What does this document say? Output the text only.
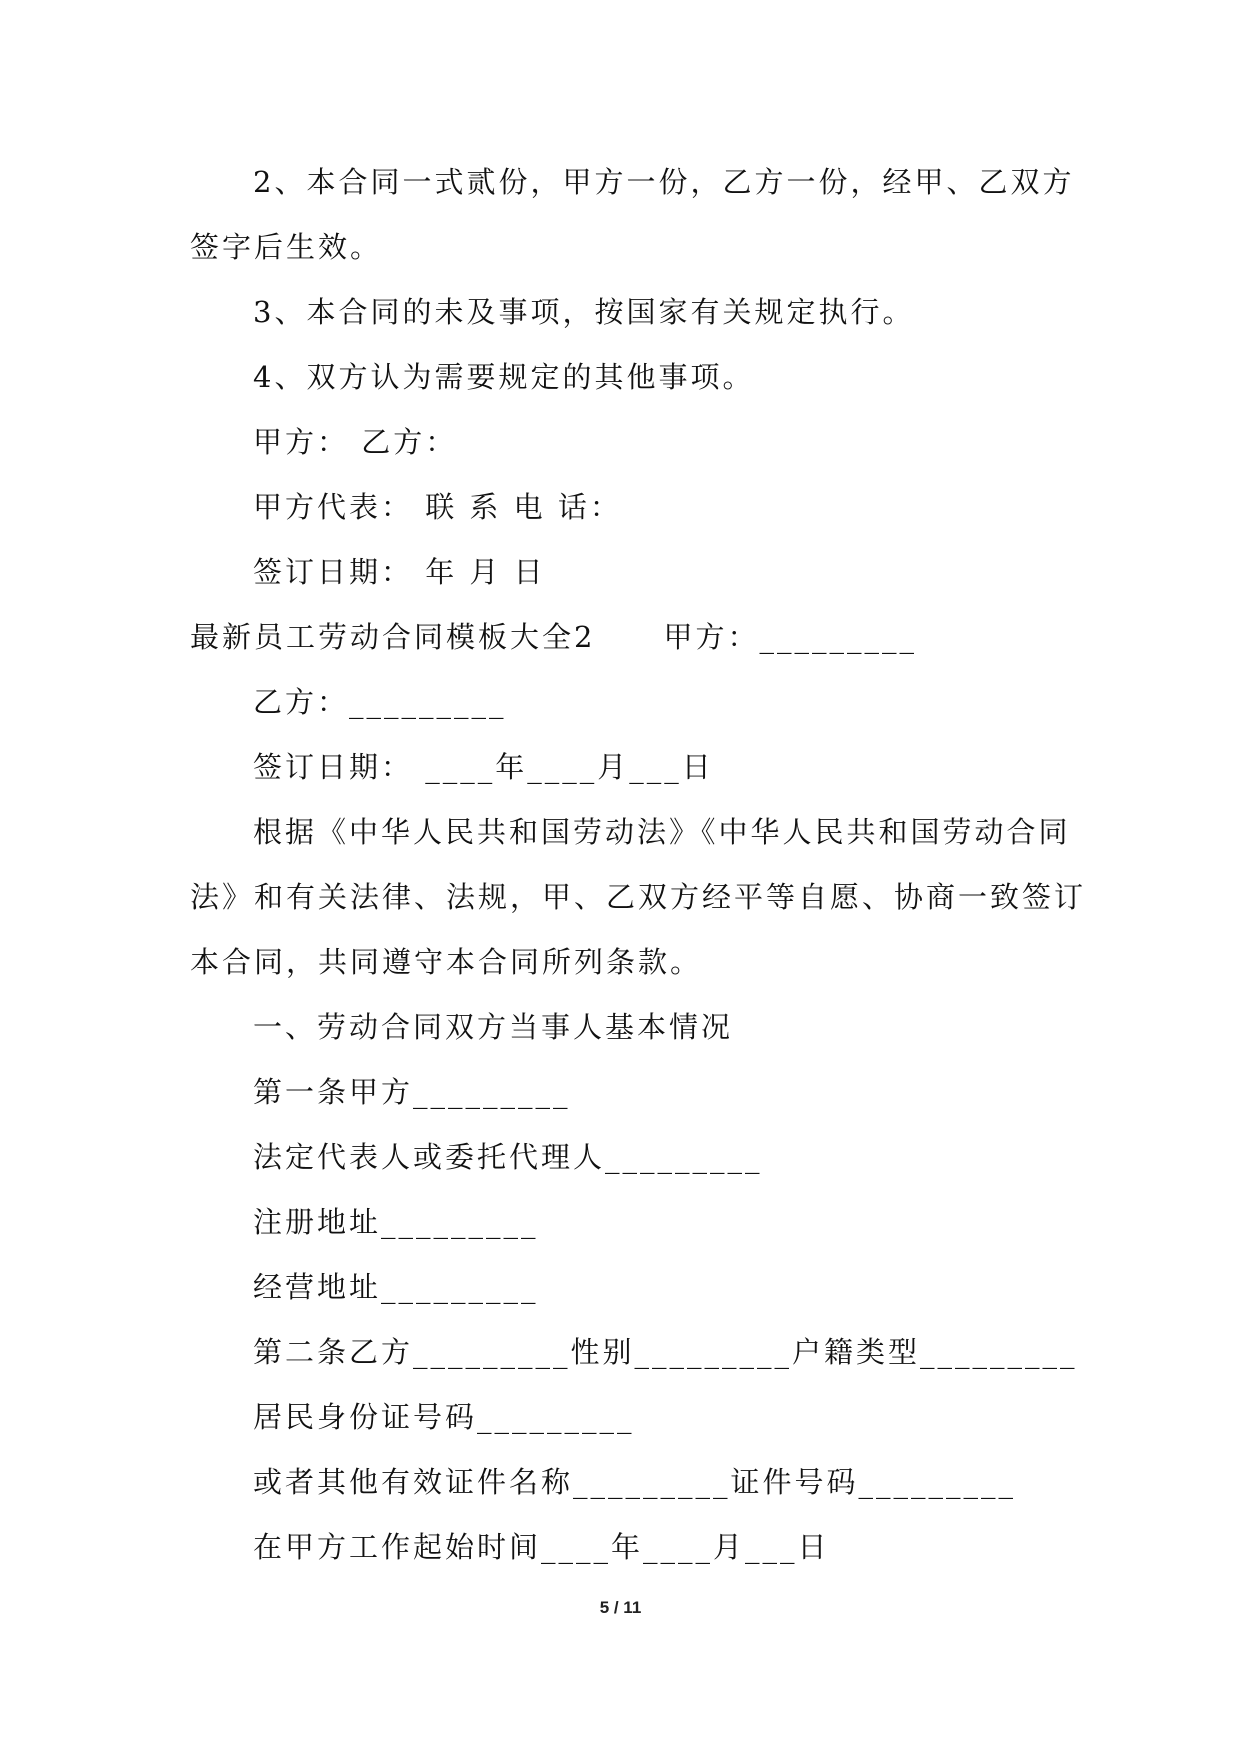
2、本合同一式贰份，甲方一份，乙方一份，经甲、乙双方
签字后生效。
3、本合同的未及事项，按国家有关规定执行。
4、双方认为需要规定的其他事项。
甲方： 乙方：
甲方代表： 联 系 电 话：
签订日期： 年 月 日
最新员工劳动合同模板大全2 甲方：_________
乙方：_________
签订日期： ____年____月___日
根据《中华人民共和国劳动法》《中华人民共和国劳动合同
法》和有关法律、法规，甲、乙双方经平等自愿、协商一致签订
本合同，共同遵守本合同所列条款。
一、劳动合同双方当事人基本情况
第一条甲方_________
法定代表人或委托代理人_________
注册地址_________
经营地址_________
第二条乙方_________性别_________户籍类型_________
居民身份证号码_________
或者其他有效证件名称_________证件号码_________
在甲方工作起始时间____年____月___日
5 / 11
